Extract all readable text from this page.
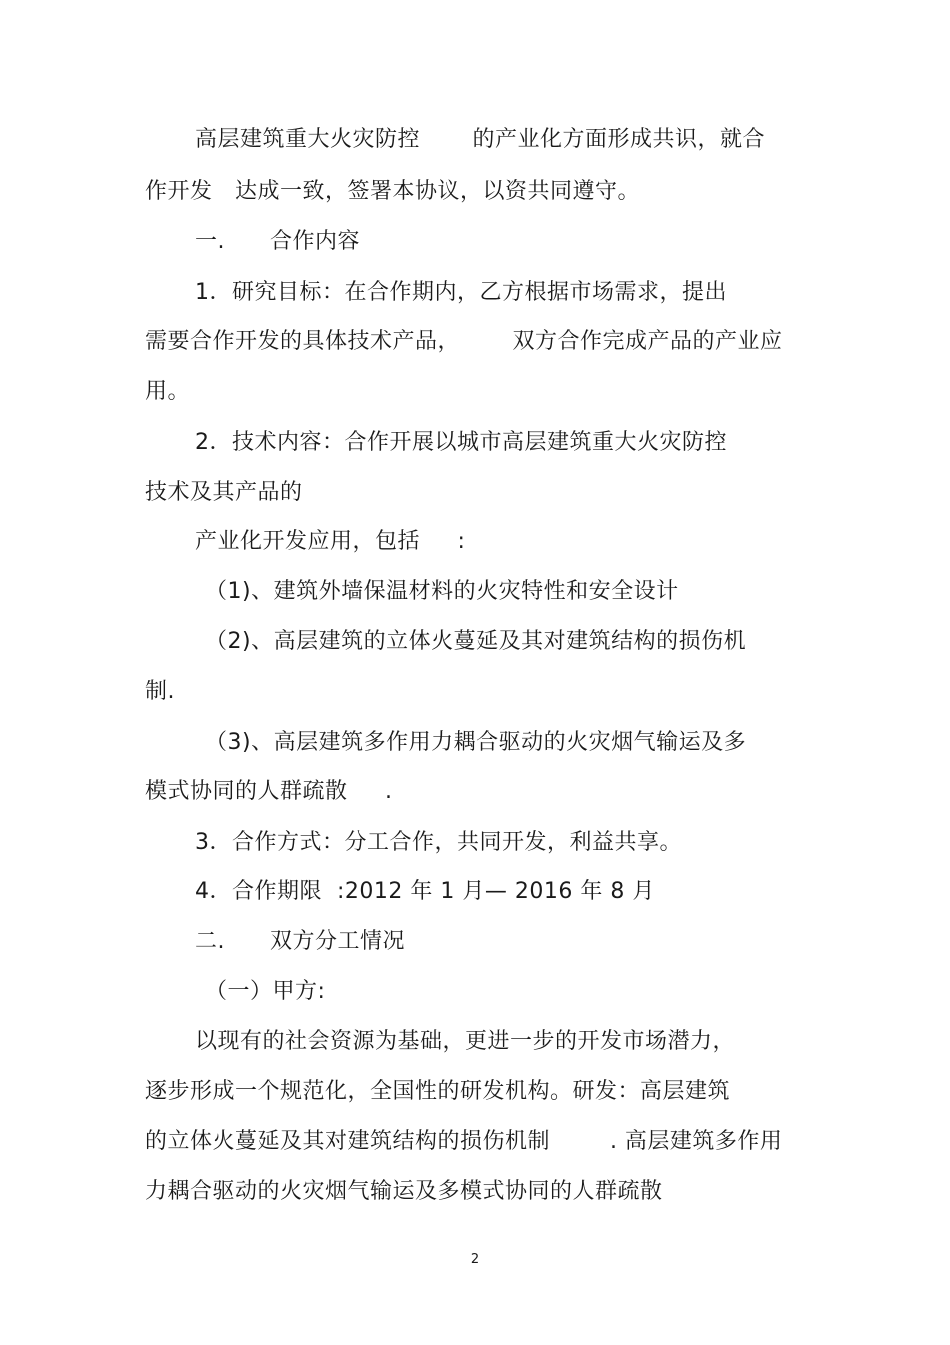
高层建筑重大火灾防控       的产业化方面形成共识，就合
作开发   达成一致，签署本协议，以资共同遵守。
一.      合作内容
1．研究目标：在合作期内，乙方根据市场需求，提出
需要合作开发的具体技术产品，       双方合作完成产品的产业应
用。
2．技术内容：合作开展以城市高层建筑重大火灾防控
技术及其产品的
产业化开发应用，包括     :
（1)、建筑外墙保温材料的火灾特性和安全设计
（2)、高层建筑的立体火蔓延及其对建筑结构的损伤机
制.
（3)、高层建筑多作用力耦合驱动的火灾烟气输运及多
模式协同的人群疏散     .
3．合作方式：分工合作，共同开发，利益共享。
4．合作期限  :2012 年 1 月— 2016 年 8 月
二.      双方分工情况
（一）甲方:
以现有的社会资源为基础，更进一步的开发市场潜力，
逐步形成一个规范化，全国性的研发机构。研发：高层建筑
的立体火蔓延及其对建筑结构的损伤机制        . 高层建筑多作用
力耦合驱动的火灾烟气输运及多模式协同的人群疏散
2
